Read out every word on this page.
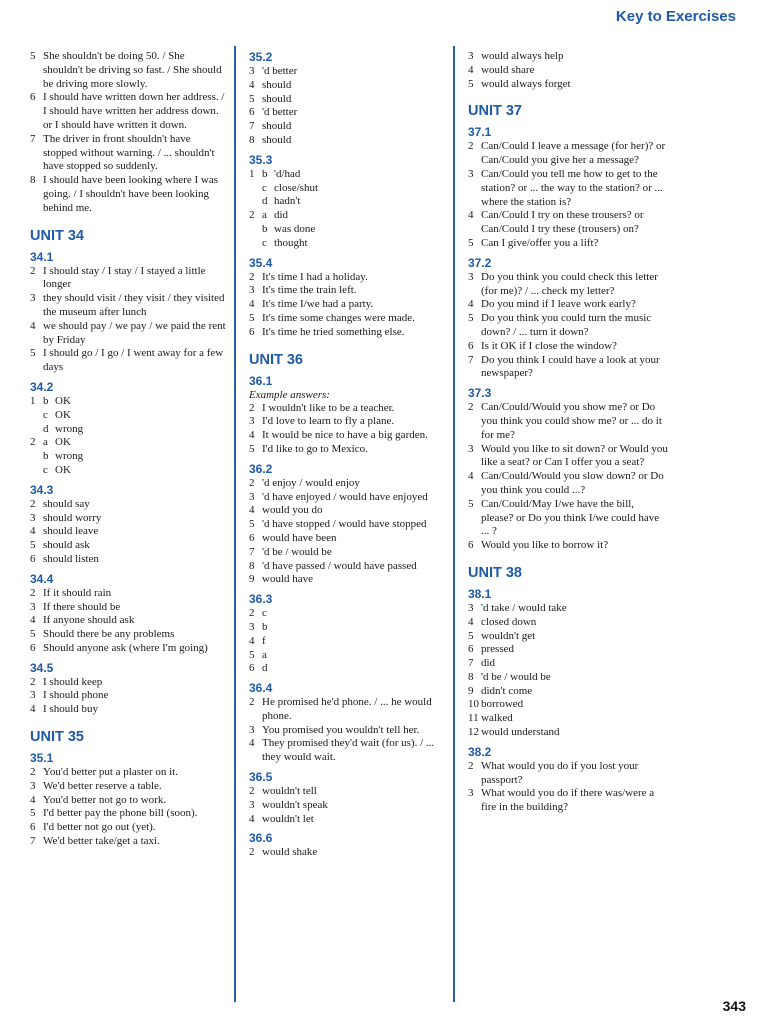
Key to Exercises
5 She shouldn't be doing 50. / She shouldn't be driving so fast. / She should be driving more slowly.
6 I should have written down her address. / I should have written her address down. or I should have written it down.
7 The driver in front shouldn't have stopped without warning. / ... shouldn't have stopped so suddenly.
8 I should have been looking where I was going. / I shouldn't have been looking behind me.
UNIT 34
34.1
2 I should stay / I stay / I stayed a little longer
3 they should visit / they visit / they visited the museum after lunch
4 we should pay / we pay / we paid the rent by Friday
5 I should go / I go / I went away for a few days
34.2
1 b OK
c OK
d wrong
2 a OK
b wrong
c OK
34.3
2 should say
3 should worry
4 should leave
5 should ask
6 should listen
34.4
2 If it should rain
3 If there should be
4 If anyone should ask
5 Should there be any problems
6 Should anyone ask (where I'm going)
34.5
2 I should keep
3 I should phone
4 I should buy
UNIT 35
35.1
2 You'd better put a plaster on it.
3 We'd better reserve a table.
4 You'd better not go to work.
5 I'd better pay the phone bill (soon).
6 I'd better not go out (yet).
7 We'd better take/get a taxi.
35.2
3 'd better
4 should
5 should
6 'd better
7 should
8 should
35.3
1 b 'd/had
c close/shut
d hadn't
2 a did
b was done
c thought
35.4
2 It's time I had a holiday.
3 It's time the train left.
4 It's time I/we had a party.
5 It's time some changes were made.
6 It's time he tried something else.
UNIT 36
36.1
Example answers:
2 I wouldn't like to be a teacher.
3 I'd love to learn to fly a plane.
4 It would be nice to have a big garden.
5 I'd like to go to Mexico.
36.2
2 'd enjoy / would enjoy
3 'd have enjoyed / would have enjoyed
4 would you do
5 'd have stopped / would have stopped
6 would have been
7 'd be / would be
8 'd have passed / would have passed
9 would have
36.3
2 c
3 b
4 f
5 a
6 d
36.4
2 He promised he'd phone. / ... he would phone.
3 You promised you wouldn't tell her.
4 They promised they'd wait (for us). / ... they would wait.
36.5
2 wouldn't tell
3 wouldn't speak
4 wouldn't let
36.6
2 would shake
3 would always help
4 would share
5 would always forget
UNIT 37
37.1
2 Can/Could I leave a message (for her)? or Can/Could you give her a message?
3 Can/Could you tell me how to get to the station? or ... the way to the station? or ... where the station is?
4 Can/Could I try on these trousers? or Can/Could I try these (trousers) on?
5 Can I give/offer you a lift?
37.2
3 Do you think you could check this letter (for me)? / ... check my letter?
4 Do you mind if I leave work early?
5 Do you think you could turn the music down? / ... turn it down?
6 Is it OK if I close the window?
7 Do you think I could have a look at your newspaper?
37.3
2 Can/Could/Would you show me? or Do you think you could show me? or ... do it for me?
3 Would you like to sit down? or Would you like a seat? or Can I offer you a seat?
4 Can/Could/Would you slow down? or Do you think you could ...?
5 Can/Could/May I/we have the bill, please? or Do you think I/we could have ... ?
6 Would you like to borrow it?
UNIT 38
38.1
3 'd take / would take
4 closed down
5 wouldn't get
6 pressed
7 did
8 'd be / would be
9 didn't come
10 borrowed
11 walked
12 would understand
38.2
2 What would you do if you lost your passport?
3 What would you do if there was/were a fire in the building?
343
